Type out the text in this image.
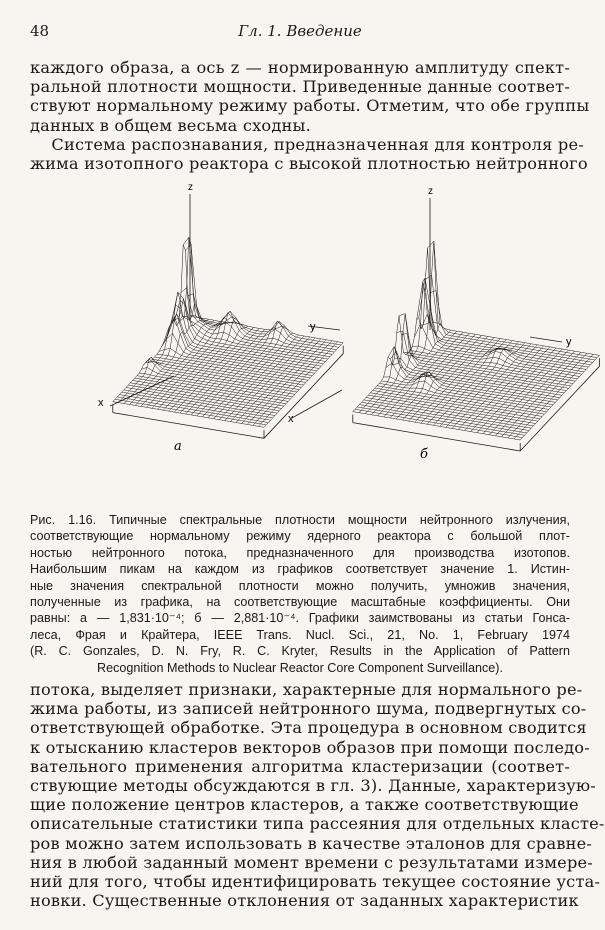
48	Гл. 1. Введение
каждого образа, а ось z — нормированную амплитуду спект-
ральной плотности мощности. Приведенные данные соответ-
ствуют нормальному режиму работы. Отметим, что обе группы
данных в общем весьма сходны.
Система распознавания, предназначенная для контроля ре-
жима изотопного реактора с высокой плотностью нейтронного
z
y
x
z
y
x
а
б
Рис. 1.16. Типичные спектральные плотности мощности нейтронного излучения,
соответствующие нормальному режиму ядерного реактора с большой плот-
ностью нейтронного потока, предназначенного для производства изотопов.
Наибольшим пикам на каждом из графиков соответствует значение 1. Истин-
ные значения спектральной плотности можно получить, умножив значения,
полученные из графика, на соответствующие масштабные коэффициенты. Они
равны: а — 1,831·10⁻⁴; б — 2,881·10⁻⁴. Графики заимствованы из статьи Гонса-
леса, Фрая и Крайтера, IEEE Trans. Nucl. Sci., 21, No. 1, February 1974
(R. C. Gonzales, D. N. Fry, R. C. Kryter, Results in the Application of Pattern
Recognition Methods to Nuclear Reactor Core Component Surveillance).
потока, выделяет признаки, характерные для нормального ре-
жима работы, из записей нейтронного шума, подвергнутых со-
ответствующей обработке. Эта процедура в основном сводится
к отысканию кластеров векторов образов при помощи последо-
вательного применения алгоритма кластеризации (соответ-
ствующие методы обсуждаются в гл. 3). Данные, характеризую-
щие положение центров кластеров, а также соответствующие
описательные статистики типа рассеяния для отдельных класте-
ров можно затем использовать в качестве эталонов для сравне-
ния в любой заданный момент времени с результатами измере-
ний для того, чтобы идентифицировать текущее состояние уста-
новки. Существенные отклонения от заданных характеристик
